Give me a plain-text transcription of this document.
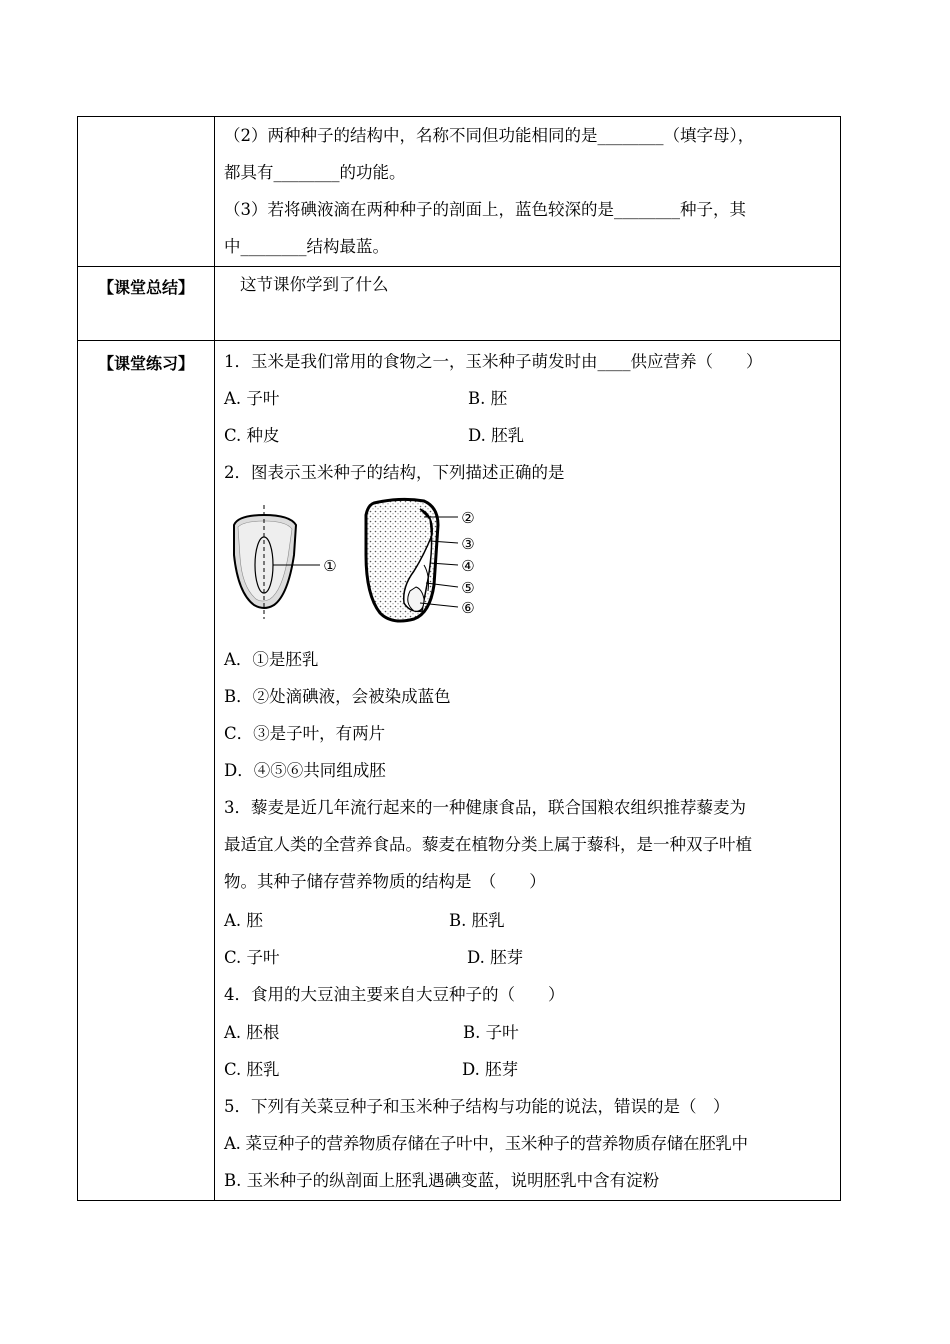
（2）两种种子的结构中，名称不同但功能相同的是________（填字母），
都具有________的功能。
（3）若将碘液滴在两种种子的剖面上，蓝色较深的是________种子，其
中________结构最蓝。
【课堂总结】	这节课你学到了什么
【课堂练习】	1．玉米是我们常用的食物之一，玉米种子萌发时由____供应营养（　　）
A. 子叶	B. 胚
C. 种皮	D. 胚乳
2．图表示玉米种子的结构，下列描述正确的是
①
②
③
④
⑤
⑥
A．①是胚乳
B．②处滴碘液，会被染成蓝色
C．③是子叶，有两片
D．④⑤⑥共同组成胚
3．藜麦是近几年流行起来的一种健康食品，联合国粮农组织推荐藜麦为
最适宜人类的全营养食品。藜麦在植物分类上属于藜科，是一种双子叶植
物。其种子储存营养物质的结构是　（　　）
A. 胚	B. 胚乳
C. 子叶	D. 胚芽
4．食用的大豆油主要来自大豆种子的（　　）
A. 胚根	B. 子叶
C. 胚乳	D. 胚芽
5．下列有关菜豆种子和玉米种子结构与功能的说法，错误的是（　）
A. 菜豆种子的营养物质存储在子叶中，玉米种子的营养物质存储在胚乳中
B. 玉米种子的纵剖面上胚乳遇碘变蓝，说明胚乳中含有淀粉
